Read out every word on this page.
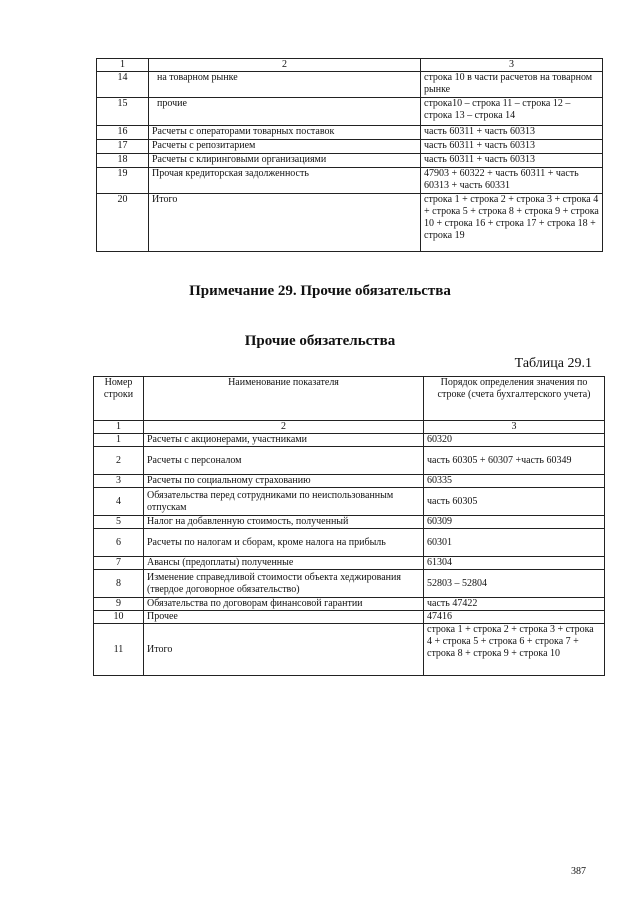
1	2	3
14	на товарном рынке	строка 10 в части расчетов на товарном рынке
15	прочие	строка10 – строка 11 – строка 12 – строка 13 – строка 14
16	Расчеты с операторами товарных поставок	часть 60311 + часть 60313
17	Расчеты с репозитарием	часть 60311 + часть 60313
18	Расчеты с клиринговыми организациями	часть 60311 + часть 60313
19	Прочая кредиторская задолженность	47903 + 60322 + часть 60311 + часть 60313 + часть 60331
20	Итого	строка 1 + строка 2 + строка 3 + строка 4 + строка 5 + строка 8 + строка 9 + строка 10 + строка 16 + строка 17 + строка 18 + строка 19
Примечание 29. Прочие обязательства
Прочие обязательства
Таблица 29.1
Номер строки	Наименование показателя	Порядок определения значения по строке (счета бухгалтерского учета)
1	2	3
1	Расчеты с акционерами, участниками	60320
2	Расчеты с персоналом	часть 60305 + 60307 +часть 60349
3	Расчеты по социальному страхованию	60335
4	Обязательства перед сотрудниками по неиспользованным отпускам	часть 60305
5	Налог на добавленную стоимость, полученный	60309
6	Расчеты по налогам и сборам, кроме налога на прибыль	60301
7	Авансы (предоплаты) полученные	61304
8	Изменение справедливой стоимости объекта хеджирования (твердое договорное обязательство)	52803 – 52804
9	Обязательства по договорам финансовой гарантии	часть 47422
10	Прочее	47416
11	Итого	строка 1 + строка 2 + строка 3 + строка 4 + строка 5 + строка 6 + строка 7 + строка 8 + строка 9 + строка 10
387
